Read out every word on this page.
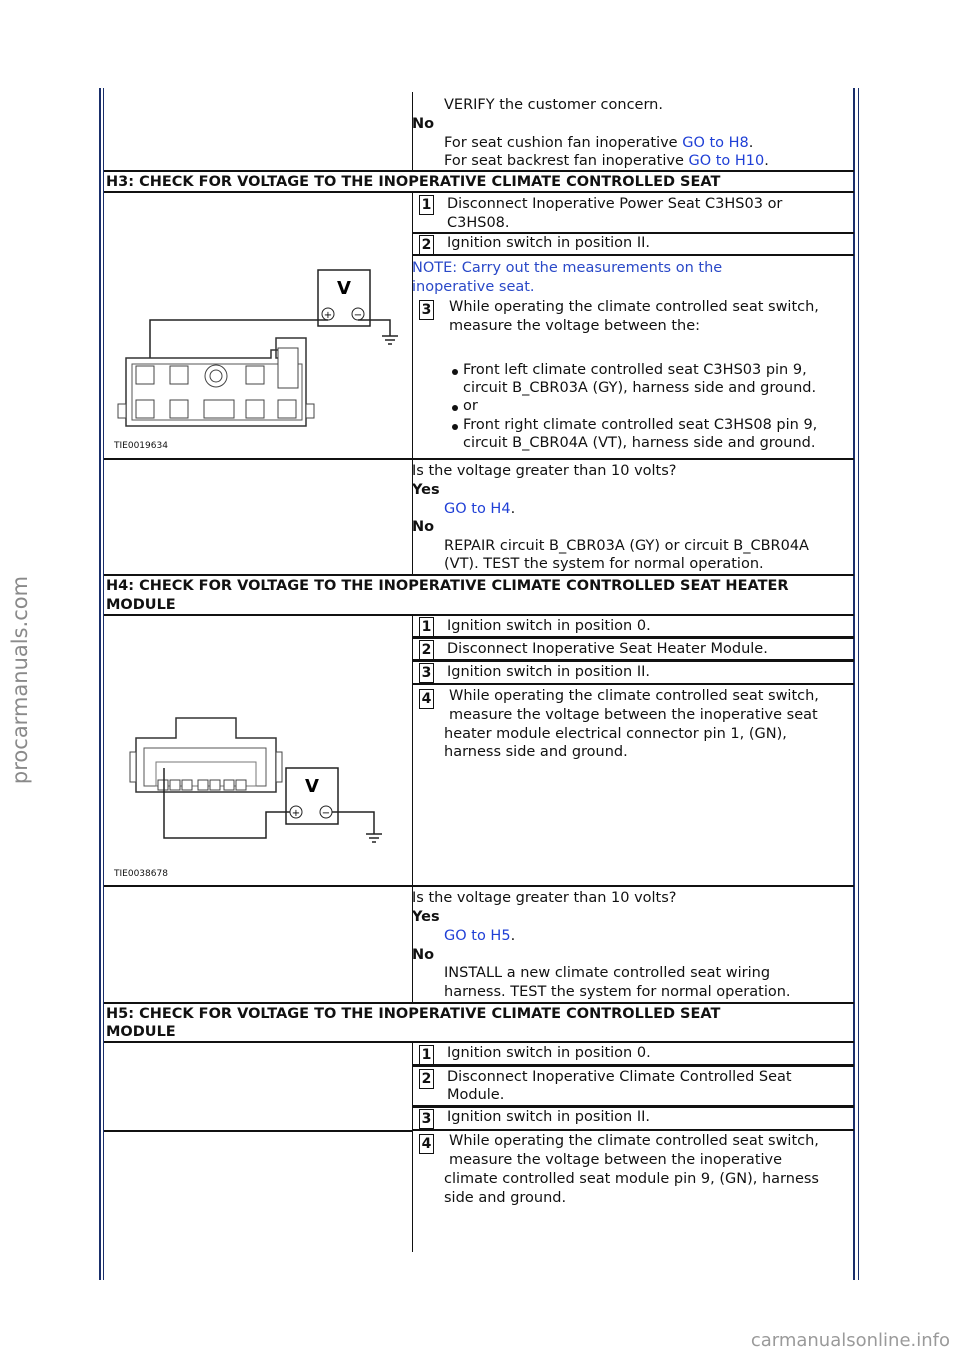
procarmanuals.com
carmanualsonline.info
VERIFY the customer concern.
No
For seat cushion fan inoperative GO to H8.
For seat backrest fan inoperative GO to H10.
H3: CHECK FOR VOLTAGE TO THE INOPERATIVE CLIMATE CONTROLLED SEAT
1 Disconnect Inoperative Power Seat C3HS03 or
C3HS08.
2 Ignition switch in position II.
V
+ −
TIE0019634
NOTE: Carry out the measurements on the
inoperative seat.
3 While operating the climate controlled seat switch,
measure the voltage between the:
Front left climate controlled seat C3HS03 pin 9,
circuit B_CBR03A (GY), harness side and ground.
or
Front right climate controlled seat C3HS08 pin 9,
circuit B_CBR04A (VT), harness side and ground.
Is the voltage greater than 10 volts?
Yes
GO to H4.
No
REPAIR circuit B_CBR03A (GY) or circuit B_CBR04A
(VT). TEST the system for normal operation.
H4: CHECK FOR VOLTAGE TO THE INOPERATIVE CLIMATE CONTROLLED SEAT HEATER
MODULE
1 Ignition switch in position 0.
2 Disconnect Inoperative Seat Heater Module.
3 Ignition switch in position II.
V
+ −
TIE0038678
4 While operating the climate controlled seat switch,
measure the voltage between the inoperative seat
heater module electrical connector pin 1, (GN),
harness side and ground.
Is the voltage greater than 10 volts?
Yes
GO to H5.
No
INSTALL a new climate controlled seat wiring
harness. TEST the system for normal operation.
H5: CHECK FOR VOLTAGE TO THE INOPERATIVE CLIMATE CONTROLLED SEAT
MODULE
1 Ignition switch in position 0.
2 Disconnect Inoperative Climate Controlled Seat
Module.
3 Ignition switch in position II.
4 While operating the climate controlled seat switch,
measure the voltage between the inoperative
climate controlled seat module pin 9, (GN), harness
side and ground.
